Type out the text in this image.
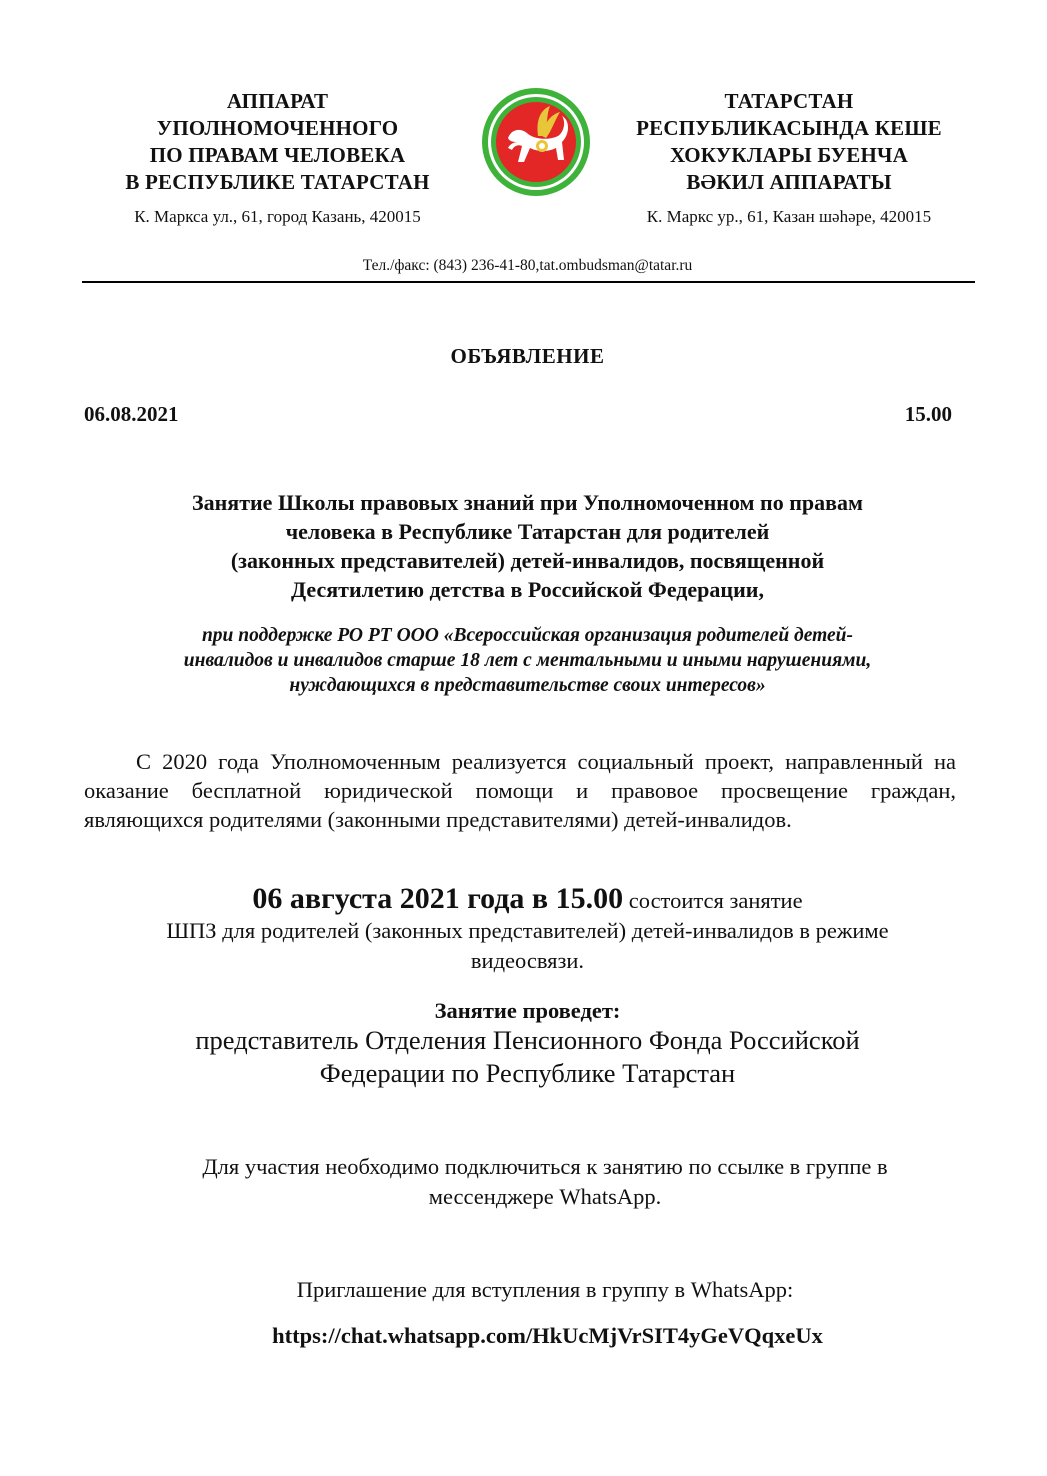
АППАРАТ
УПОЛНОМОЧЕННОГО
ПО ПРАВАМ ЧЕЛОВЕКА
В РЕСПУБЛИКЕ ТАТАРСТАН
К. Маркса ул., 61, город Казань, 420015
ТАТАРСТАН
РЕСПУБЛИКАСЫНДА КЕШЕ
ХОКУКЛАРЫ БУЕНЧА
ВӘКИЛ АППАРАТЫ
К. Маркс ур., 61, Казан шәһәре, 420015
Тел./факс: (843) 236-41-80,tat.ombudsman@tatar.ru
ОБЪЯВЛЕНИЕ
06.08.2021	15.00
Занятие Школы правовых знаний при Уполномоченном по правам
человека в Республике Татарстан для родителей
(законных представителей) детей-инвалидов, посвященной
Десятилетию детства в Российской Федерации,
при поддержке РО РТ ООО «Всероссийская организация родителей детей-
инвалидов и инвалидов старше 18 лет с ментальными и иными нарушениями,
нуждающихся в представительстве своих интересов»
С 2020 года Уполномоченным реализуется социальный проект, направленный на оказание бесплатной юридической помощи и правовое просвещение граждан, являющихся родителями (законными представителями) детей-инвалидов.
06 августа 2021 года в 15.00 состоится занятие
ШПЗ для родителей (законных представителей) детей-инвалидов в режиме
видеосвязи.
Занятие проведет:
представитель Отделения Пенсионного Фонда Российской
Федерации по Республике Татарстан
Для участия необходимо подключиться к занятию по ссылке в группе в
мессенджере WhatsApp.
Приглашение для вступления в группу в WhatsApp:
https://chat.whatsapp.com/HkUcMjVrSIT4yGeVQqxeUx
